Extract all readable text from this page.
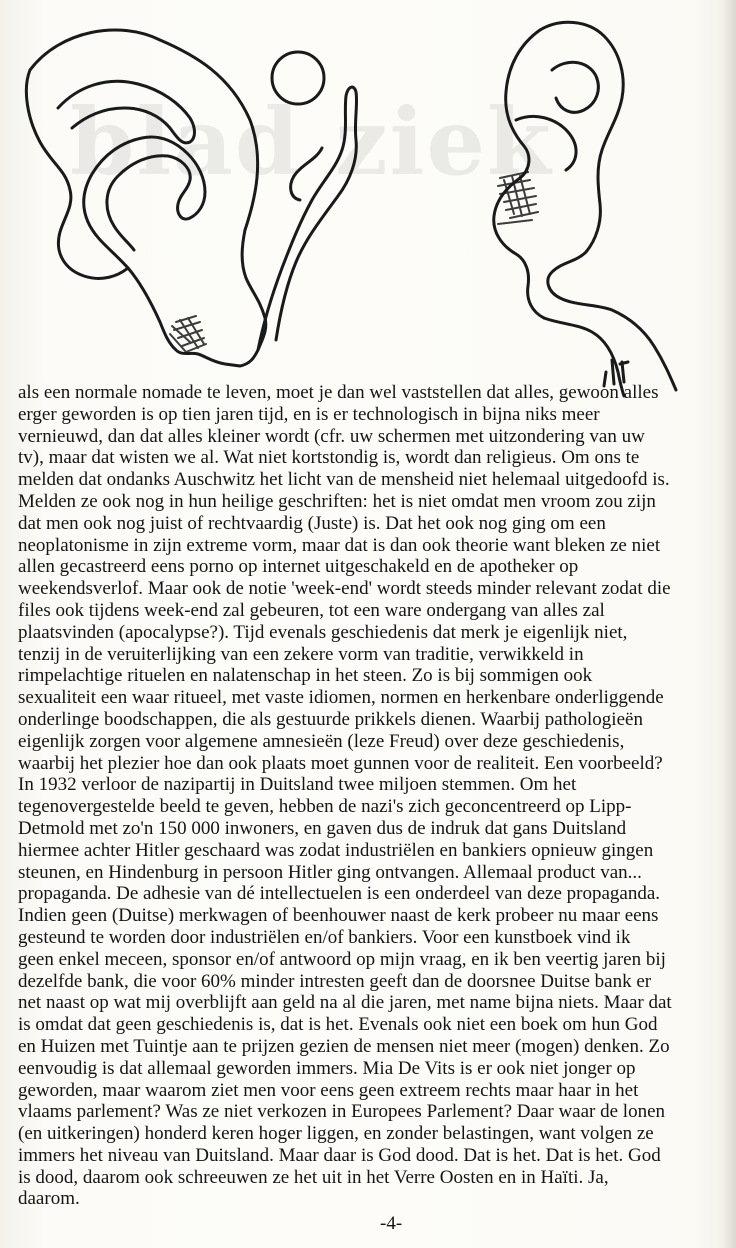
blad ziek

als een normale nomade te leven, moet je dan wel vaststellen dat alles, gewoon alles
erger geworden is op tien jaren tijd, en is er technologisch in bijna niks meer
vernieuwd, dan dat alles kleiner wordt (cfr. uw schermen met uitzondering van uw
tv), maar dat wisten we al. Wat niet kortstondig is, wordt dan religieus. Om ons te
melden dat ondanks Auschwitz het licht van de mensheid niet helemaal uitgedoofd is.
Melden ze ook nog in hun heilige geschriften: het is niet omdat men vroom zou zijn
dat men ook nog juist of rechtvaardig (Juste) is. Dat het ook nog ging om een
neoplatonisme in zijn extreme vorm, maar dat is dan ook theorie want bleken ze niet
allen gecastreerd eens porno op internet uitgeschakeld en de apotheker op
weekendsverlof. Maar ook de notie 'week-end' wordt steeds minder relevant zodat die
files ook tijdens week-end zal gebeuren, tot een ware ondergang van alles zal
plaatsvinden (apocalypse?). Tijd evenals geschiedenis dat merk je eigenlijk niet,
tenzij in de veruiterlijking van een zekere vorm van traditie, verwikkeld in
rimpelachtige rituelen en nalatenschap in het steen. Zo is bij sommigen ook
sexualiteit een waar ritueel, met vaste idiomen, normen en herkenbare onderliggende
onderlinge boodschappen, die als gestuurde prikkels dienen. Waarbij pathologieën
eigenlijk zorgen voor algemene amnesieën (leze Freud) over deze geschiedenis,
waarbij het plezier hoe dan ook plaats moet gunnen voor de realiteit. Een voorbeeld?
In 1932 verloor de nazipartij in Duitsland twee miljoen stemmen. Om het
tegenovergestelde beeld te geven, hebben de nazi's zich geconcentreerd op Lipp-
Detmold met zo'n 150 000 inwoners, en gaven dus de indruk dat gans Duitsland
hiermee achter Hitler geschaard was zodat industriëlen en bankiers opnieuw gingen
steunen, en Hindenburg in persoon Hitler ging ontvangen. Allemaal product van...
propaganda. De adhesie van dé intellectuelen is een onderdeel van deze propaganda.
Indien geen (Duitse) merkwagen of beenhouwer naast de kerk probeer nu maar eens
gesteund te worden door industriëlen en/of bankiers. Voor een kunstboek vind ik
geen enkel meceen, sponsor en/of antwoord op mijn vraag, en ik ben veertig jaren bij
dezelfde bank, die voor 60% minder intresten geeft dan de doorsnee Duitse bank er
net naast op wat mij overblijft aan geld na al die jaren, met name bijna niets. Maar dat
is omdat dat geen geschiedenis is, dat is het. Evenals ook niet een boek om hun God
en Huizen met Tuintje aan te prijzen gezien de mensen niet meer (mogen) denken. Zo
eenvoudig is dat allemaal geworden immers. Mia De Vits is er ook niet jonger op
geworden, maar waarom ziet men voor eens geen extreem rechts maar haar in het
vlaams parlement? Was ze niet verkozen in Europees Parlement? Daar waar de lonen
(en uitkeringen) honderd keren hoger liggen, en zonder belastingen, want volgen ze
immers het niveau van Duitsland. Maar daar is God dood. Dat is het. Dat is het. God
is dood, daarom ook schreeuwen ze het uit in het Verre Oosten en in Haïti. Ja,
daarom.

-4-
